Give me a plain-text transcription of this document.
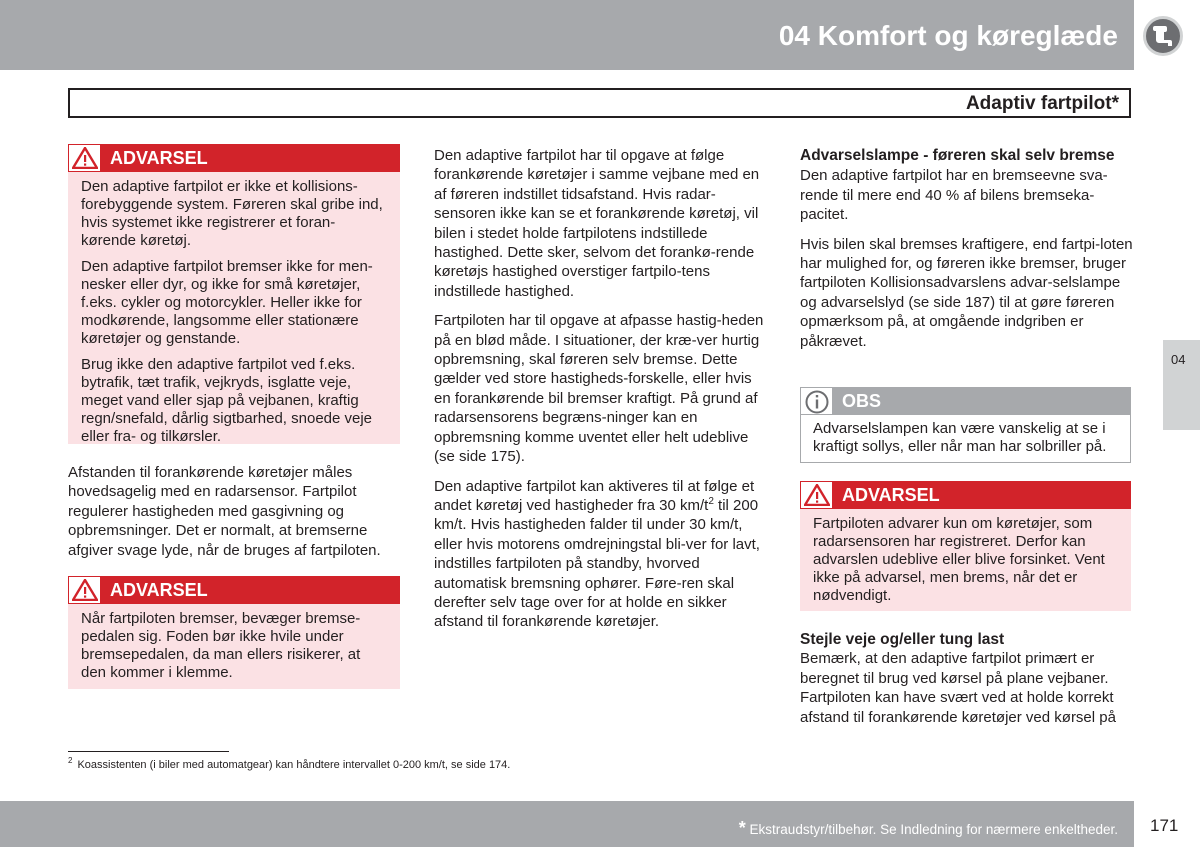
04 Komfort og køreglæde
Adaptiv fartpilot*
ADVARSEL

Den adaptive fartpilot er ikke et kollisions-forebyggende system. Føreren skal gribe ind, hvis systemet ikke registrerer et foran-kørende køretøj.

Den adaptive fartpilot bremser ikke for men-nesker eller dyr, og ikke for små køretøjer, f.eks. cykler og motorcykler. Heller ikke for modkørende, langsomme eller stationære køretøjer og genstande.

Brug ikke den adaptive fartpilot ved f.eks. bytrafik, tæt trafik, vejkryds, isglatte veje, meget vand eller sjap på vejbanen, kraftig regn/snefald, dårlig sigtbarhed, snoede veje eller fra- og tilkørsler.

Afstanden til forankørende køretøjer måles hovedsagelig med en radarsensor. Fartpilot regulerer hastigheden med gasgivning og opbremsninger. Det er normalt, at bremserne afgiver svage lyde, når de bruges af fartpiloten.

ADVARSEL

Når fartpiloten bremser, bevæger bremse-pedalen sig. Foden bør ikke hvile under bremsepedalen, da man ellers risikerer, at den kommer i klemme.

Den adaptive fartpilot har til opgave at følge forankørende køretøjer i samme vejbane med en af føreren indstillet tidsafstand. Hvis radar-sensoren ikke kan se et forankørende køretøj, vil bilen i stedet holde fartpilotens indstillede hastighed. Dette sker, selvom det forankø-rende køretøjs hastighed overstiger fartpilo-tens indstillede hastighed.

Fartpiloten har til opgave at afpasse hastig-heden på en blød måde. I situationer, der kræ-ver hurtig opbremsning, skal føreren selv bremse. Dette gælder ved store hastigheds-forskelle, eller hvis en forankørende bil bremser kraftigt. På grund af radarsensorens begræns-ninger kan en opbremsning komme uventet eller helt udeblive (se side 175).

Den adaptive fartpilot kan aktiveres til at følge et andet køretøj ved hastigheder fra 30 $km/t^2$ til 200 km/t. Hvis hastigheden falder til under 30 km/t, eller hvis motorens omdrejningstal bli-ver for lavt, indstilles fartpiloten på standby, hvorved automatisk bremsning ophører. Føre-ren skal derefter selv tage over for at holde en sikker afstand til forankørende køretøjer.

Advarselslampe - føreren skal selv bremse

Den adaptive fartpilot har en bremseevne sva-rende til mere end 40 % af bilens bremseka-pacitet.

Hvis bilen skal bremses kraftigere, end fartpi-loten har mulighed for, og føreren ikke bremser, bruger fartpiloten Kollisionsadvarslens advar-selslampe og advarselslyd (se side 187) til at gøre føreren opmærksom på, at omgående indgriben er påkrævet.

OBS
Advarselslampen kan være vanskelig at se i kraftigt sollys, eller når man har solbriller på.
ADVARSEL

Fartpiloten advarer kun om køretøjer, som radarsensoren har registreret. Derfor kan advarslen udeblive eller blive forsinket. Vent ikke på advarsel, men brems, når det er nødvendigt.

Stejle veje og/eller tung last

Bemærk, at den adaptive fartpilot primært er beregnet til brug ved kørsel på plane vejbaner. Fartpiloten kan have svært ved at holde korrekt afstand til forankørende køretøjer ved kørsel på

$^2$ Koassistenten (i biler med automatgear) kan håndtere intervallet 0-200 km/t, se side 174.
04
* Ekstraudstyr/tilbehør. Se Indledning for nærmere enkeltheder. 171
